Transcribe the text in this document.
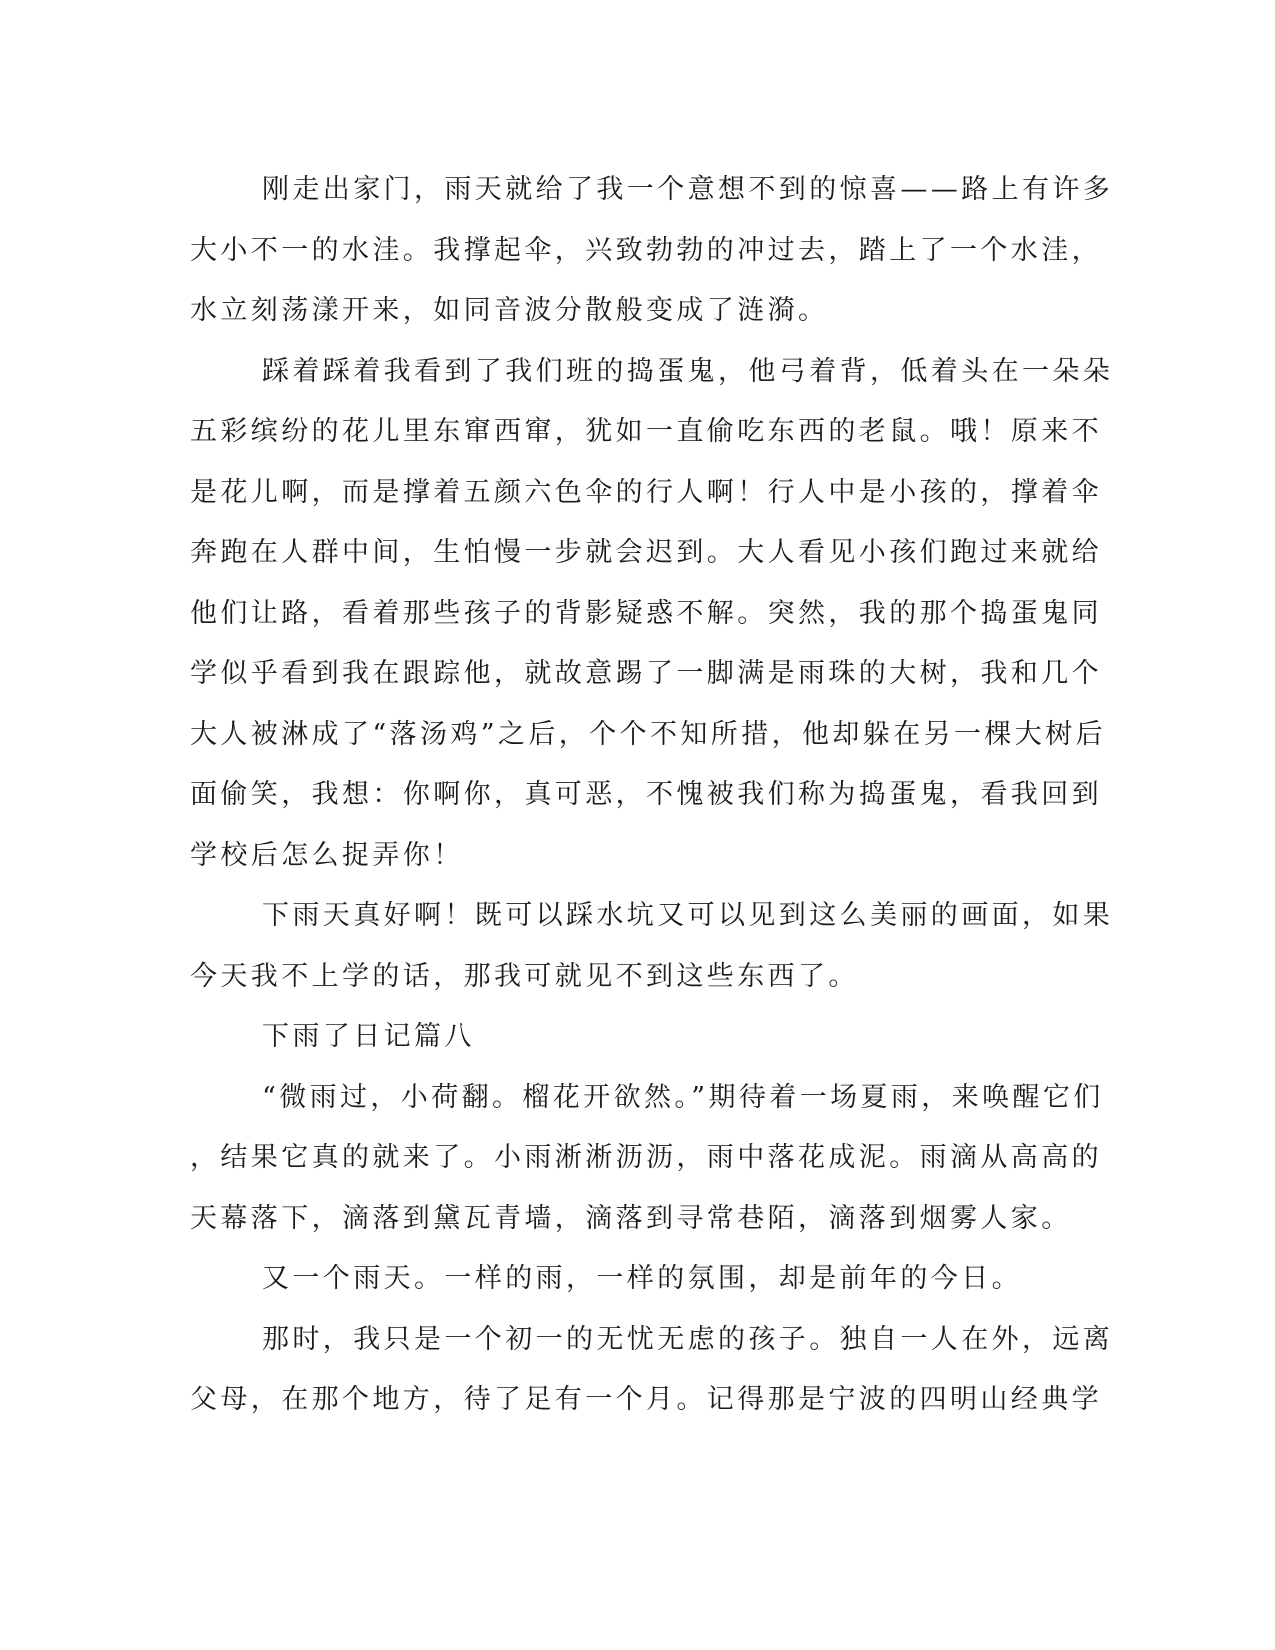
刚走出家门，雨天就给了我一个意想不到的惊喜——路上有许多
大小不一的水洼。我撑起伞，兴致勃勃的冲过去，踏上了一个水洼，
水立刻荡漾开来，如同音波分散般变成了涟漪。
踩着踩着我看到了我们班的捣蛋鬼，他弓着背，低着头在一朵朵
五彩缤纷的花儿里东窜西窜，犹如一直偷吃东西的老鼠。哦！原来不
是花儿啊，而是撑着五颜六色伞的行人啊！行人中是小孩的，撑着伞
奔跑在人群中间，生怕慢一步就会迟到。大人看见小孩们跑过来就给
他们让路，看着那些孩子的背影疑惑不解。突然，我的那个捣蛋鬼同
学似乎看到我在跟踪他，就故意踢了一脚满是雨珠的大树，我和几个
大人被淋成了“落汤鸡”之后，个个不知所措，他却躲在另一棵大树后
面偷笑，我想：你啊你，真可恶，不愧被我们称为捣蛋鬼，看我回到
学校后怎么捉弄你！
下雨天真好啊！既可以踩水坑又可以见到这么美丽的画面，如果
今天我不上学的话，那我可就见不到这些东西了。
下雨了日记篇八
“微雨过，小荷翻。榴花开欲然。”期待着一场夏雨，来唤醒它们
，结果它真的就来了。小雨淅淅沥沥，雨中落花成泥。雨滴从高高的
天幕落下，滴落到黛瓦青墙，滴落到寻常巷陌，滴落到烟雾人家。
又一个雨天。一样的雨，一样的氛围，却是前年的今日。
那时，我只是一个初一的无忧无虑的孩子。独自一人在外，远离
父母，在那个地方，待了足有一个月。记得那是宁波的四明山经典学
